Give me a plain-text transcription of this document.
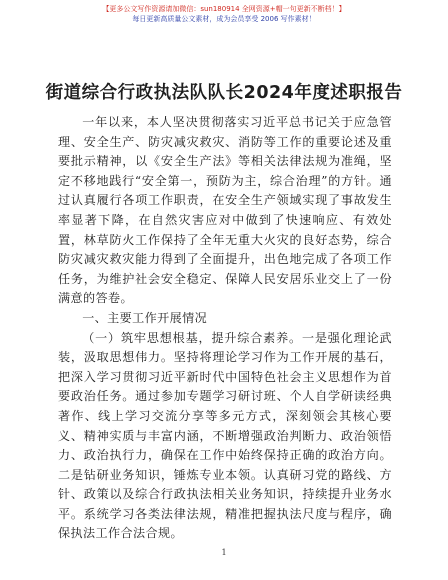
【更多公文写作资源请加微信：sun180914 全网资源+帽一句更新不断档！】
每日更新高质量公文素材，成为会员享受 2006 写作素材！
街道综合行政执法队队长2024年度述职报告

一年以来，本人坚决贯彻落实习近平总书记关于应急管理、安全生产、防灾减灾救灾、消防等工作的重要论述及重要批示精神，以《安全生产法》等相关法律法规为准绳，坚定不移地践行“安全第一，预防为主，综合治理”的方针。通过认真履行各项工作职责，在安全生产领域实现了事故发生率显著下降，在自然灾害应对中做到了快速响应、有效处置，林草防火工作保持了全年无重大火灾的良好态势，综合防灾减灾救灾能力得到了全面提升，出色地完成了各项工作任务，为维护社会安全稳定、保障人民安居乐业交上了一份满意的答卷。

一、主要工作开展情况

（一）筑牢思想根基，提升综合素养。一是强化理论武装，汲取思想伟力。坚持将理论学习作为工作开展的基石，把深入学习贯彻习近平新时代中国特色社会主义思想作为首要政治任务。通过参加专题学习研讨班、个人自学研读经典著作、线上学习交流分享等多元方式，深刻领会其核心要义、精神实质与丰富内涵，不断增强政治判断力、政治领悟力、政治执行力，确保在工作中始终保持正确的政治方向。二是钻研业务知识，锤炼专业本领。认真研习党的路线、方针、政策以及综合行政执法相关业务知识，持续提升业务水平。系统学习各类法律法规，精准把握执法尺度与程序，确保执法工作合法合规。

1
